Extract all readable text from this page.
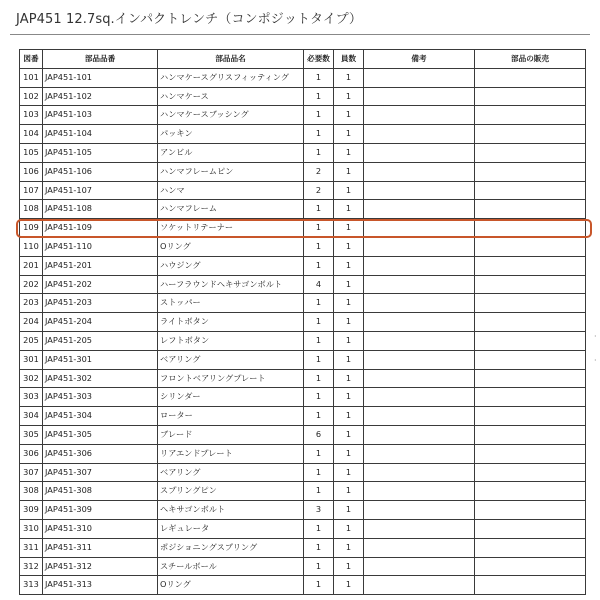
JAP451 12.7sq.インパクトレンチ（コンポジットタイプ）
図番	部品品番	部品品名	必要数	員数	備考	部品の販売
101	JAP451-101	ハンマケースグリスフィッティング	1	1		
102	JAP451-102	ハンマケース	1	1		
103	JAP451-103	ハンマケースブッシング	1	1		
104	JAP451-104	パッキン	1	1		
105	JAP451-105	アンビル	1	1		
106	JAP451-106	ハンマフレームピン	2	1		
107	JAP451-107	ハンマ	2	1		
108	JAP451-108	ハンマフレーム	1	1		
109	JAP451-109	ソケットリテーナー	1	1		
110	JAP451-110	Oリング	1	1		
201	JAP451-201	ハウジング	1	1		
202	JAP451-202	ハーフラウンドヘキサゴンボルト	4	1		
203	JAP451-203	ストッパー	1	1		
204	JAP451-204	ライトボタン	1	1		
205	JAP451-205	レフトボタン	1	1		
301	JAP451-301	ベアリング	1	1		
302	JAP451-302	フロントベアリングプレート	1	1		
303	JAP451-303	シリンダー	1	1		
304	JAP451-304	ローター	1	1		
305	JAP451-305	ブレード	6	1		
306	JAP451-306	リアエンドプレート	1	1		
307	JAP451-307	ベアリング	1	1		
308	JAP451-308	スプリングピン	1	1		
309	JAP451-309	ヘキサゴンボルト	3	1		
310	JAP451-310	レギュレータ	1	1		
311	JAP451-311	ポジショニングスプリング	1	1		
312	JAP451-312	スチールボール	1	1		
313	JAP451-313	Oリング	1	1		
·
·
